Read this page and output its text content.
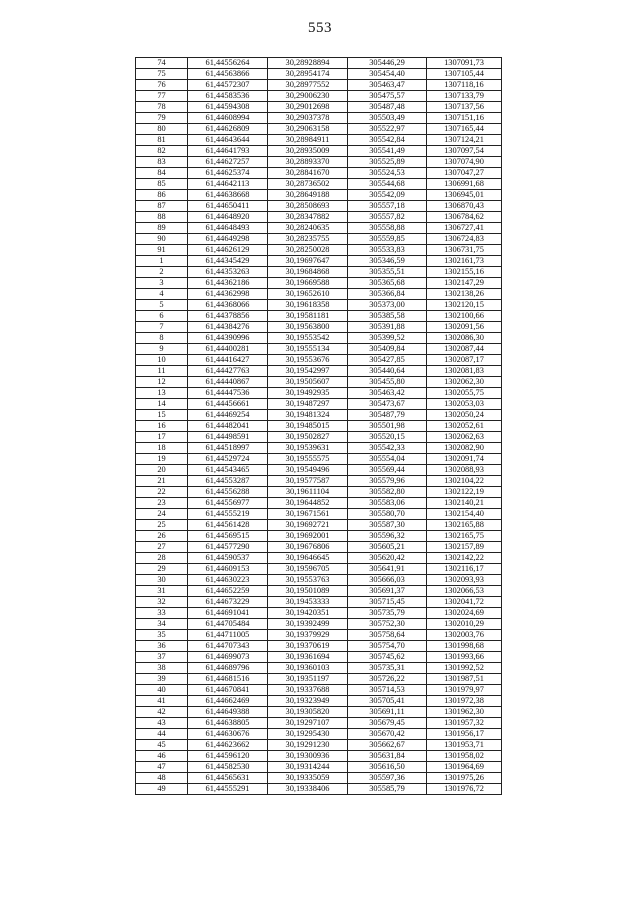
553
74	61,44556264	30,28928894	305446,29	1307091,73
75	61,44563866	30,28954174	305454,40	1307105,44
76	61,44572307	30,28977552	305463,47	1307118,16
77	61,44583536	30,29006230	305475,57	1307133,79
78	61,44594308	30,29012698	305487,48	1307137,56
79	61,44608994	30,29037378	305503,49	1307151,16
80	61,44626809	30,29063158	305522,97	1307165,44
81	61,44643644	30,28984911	305542,84	1307124,21
82	61,44641793	30,28935009	305541,49	1307097,54
83	61,44627257	30,28893370	305525,89	1307074,90
84	61,44625374	30,28841670	305524,53	1307047,27
85	61,44642113	30,28736502	305544,68	1306991,68
86	61,44638668	30,28649188	305542,09	1306945,01
87	61,44650411	30,28508693	305557,18	1306870,43
88	61,44648920	30,28347882	305557,82	1306784,62
89	61,44648493	30,28240635	305558,88	1306727,41
90	61,44649298	30,28235755	305559,85	1306724,83
91	61,44626129	30,28250028	305533,83	1306731,75
1	61,44345429	30,19697647	305346,59	1302161,73
2	61,44353263	30,19684868	305355,51	1302155,16
3	61,44362186	30,19669588	305365,68	1302147,29
4	61,44362998	30,19652610	305366,84	1302138,26
5	61,44368066	30,19618358	305373,00	1302120,15
6	61,44378856	30,19581181	305385,58	1302100,66
7	61,44384276	30,19563800	305391,88	1302091,56
8	61,44390996	30,19553542	305399,52	1302086,30
9	61,44400281	30,19555134	305409,84	1302087,44
10	61,44416427	30,19553676	305427,85	1302087,17
11	61,44427763	30,19542997	305440,64	1302081,83
12	61,44440867	30,19505607	305455,80	1302062,30
13	61,44447536	30,19492935	305463,42	1302055,75
14	61,44456661	30,19487297	305473,67	1302053,03
15	61,44469254	30,19481324	305487,79	1302050,24
16	61,44482041	30,19485015	305501,98	1302052,61
17	61,44498591	30,19502827	305520,15	1302062,63
18	61,44518997	30,19539631	305542,33	1302082,90
19	61,44529724	30,19555575	305554,04	1302091,74
20	61,44543465	30,19549496	305569,44	1302088,93
21	61,44553287	30,19577587	305579,96	1302104,22
22	61,44556288	30,19611104	305582,80	1302122,19
23	61,44556977	30,19644852	305583,06	1302140,21
24	61,44555219	30,19671561	305580,70	1302154,40
25	61,44561428	30,19692721	305587,30	1302165,88
26	61,44569515	30,19692001	305596,32	1302165,75
27	61,44577290	30,19676806	305605,21	1302157,89
28	61,44590537	30,19646645	305620,42	1302142,22
29	61,44609153	30,19596705	305641,91	1302116,17
30	61,44630223	30,19553763	305666,03	1302093,93
31	61,44652259	30,19501089	305691,37	1302066,53
32	61,44673229	30,19453333	305715,45	1302041,72
33	61,44691041	30,19420351	305735,79	1302024,69
34	61,44705484	30,19392499	305752,30	1302010,29
35	61,44711005	30,19379929	305758,64	1302003,76
36	61,44707343	30,19370619	305754,70	1301998,68
37	61,44699073	30,19361694	305745,62	1301993,66
38	61,44689796	30,19360103	305735,31	1301992,52
39	61,44681516	30,19351197	305726,22	1301987,51
40	61,44670841	30,19337688	305714,53	1301979,97
41	61,44662469	30,19323949	305705,41	1301972,38
42	61,44649388	30,19305820	305691,11	1301962,30
43	61,44638805	30,19297107	305679,45	1301957,32
44	61,44630676	30,19295430	305670,42	1301956,17
45	61,44623662	30,19291230	305662,67	1301953,71
46	61,44596120	30,19300936	305631,84	1301958,02
47	61,44582530	30,19314244	305616,50	1301964,69
48	61,44565631	30,19335059	305597,36	1301975,26
49	61,44555291	30,19338406	305585,79	1301976,72
